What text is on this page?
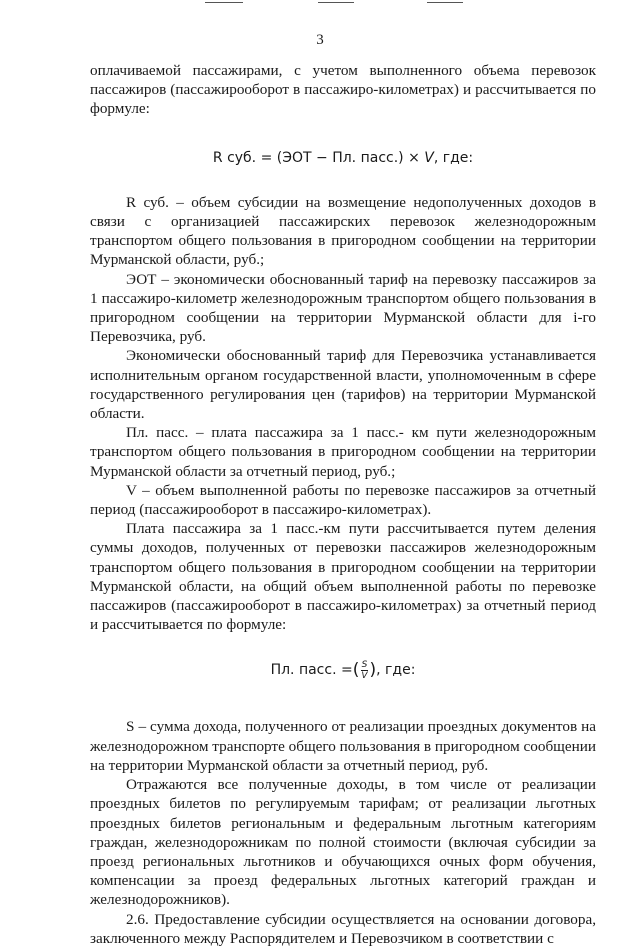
3

оплачиваемой пассажирами, с учетом выполненного объема перевозок пассажиров (пассажирооборот в пассажиро-километрах) и рассчитывается по формуле:

R суб. = (ЭОТ − Пл. пасс.) × V, где:

R суб. – объем субсидии на возмещение недополученных доходов в связи с организацией пассажирских перевозок железнодорожным транспортом общего пользования в пригородном сообщении на территории Мурманской области, руб.;

ЭОТ – экономически обоснованный тариф на перевозку пассажиров за 1 пассажиро-километр железнодорожным транспортом общего пользования в пригородном сообщении на территории Мурманской области для i-го Перевозчика, руб.

Экономически обоснованный тариф для Перевозчика устанавливается исполнительным органом государственной власти, уполномоченным в сфере государственного регулирования цен (тарифов) на территории Мурманской области.

Пл. пасс. – плата пассажира за 1 пасс.- км пути железнодорожным транспортом общего пользования в пригородном сообщении на территории Мурманской области за отчетный период, руб.;

V – объем выполненной работы по перевозке пассажиров за отчетный период (пассажирооборот в пассажиро-километрах).

Плата пассажира за 1 пасс.-км пути рассчитывается путем деления суммы доходов, полученных от перевозки пассажиров железнодорожным транспортом общего пользования в пригородном сообщении на территории Мурманской области, на общий объем выполненной работы по перевозке пассажиров (пассажирооборот в пассажиро-километрах) за отчетный период и рассчитывается по формуле:

Пл. пасс. = ( $\frac{S}{V}$ ) , где:

S – сумма дохода, полученного от реализации проездных документов на железнодорожном транспорте общего пользования в пригородном сообщении на территории Мурманской области за отчетный период, руб.

Отражаются все полученные доходы, в том числе от реализации проездных билетов по регулируемым тарифам; от реализации льготных проездных билетов региональным и федеральным льготным категориям граждан, железнодорожникам по полной стоимости (включая субсидии за проезд региональных льготников и обучающихся очных форм обучения, компенсации за проезд федеральных льготных категорий граждан и железнодорожников).

2.6. Предоставление субсидии осуществляется на основании договора, заключенного между Распорядителем и Перевозчиком в соответствии с
